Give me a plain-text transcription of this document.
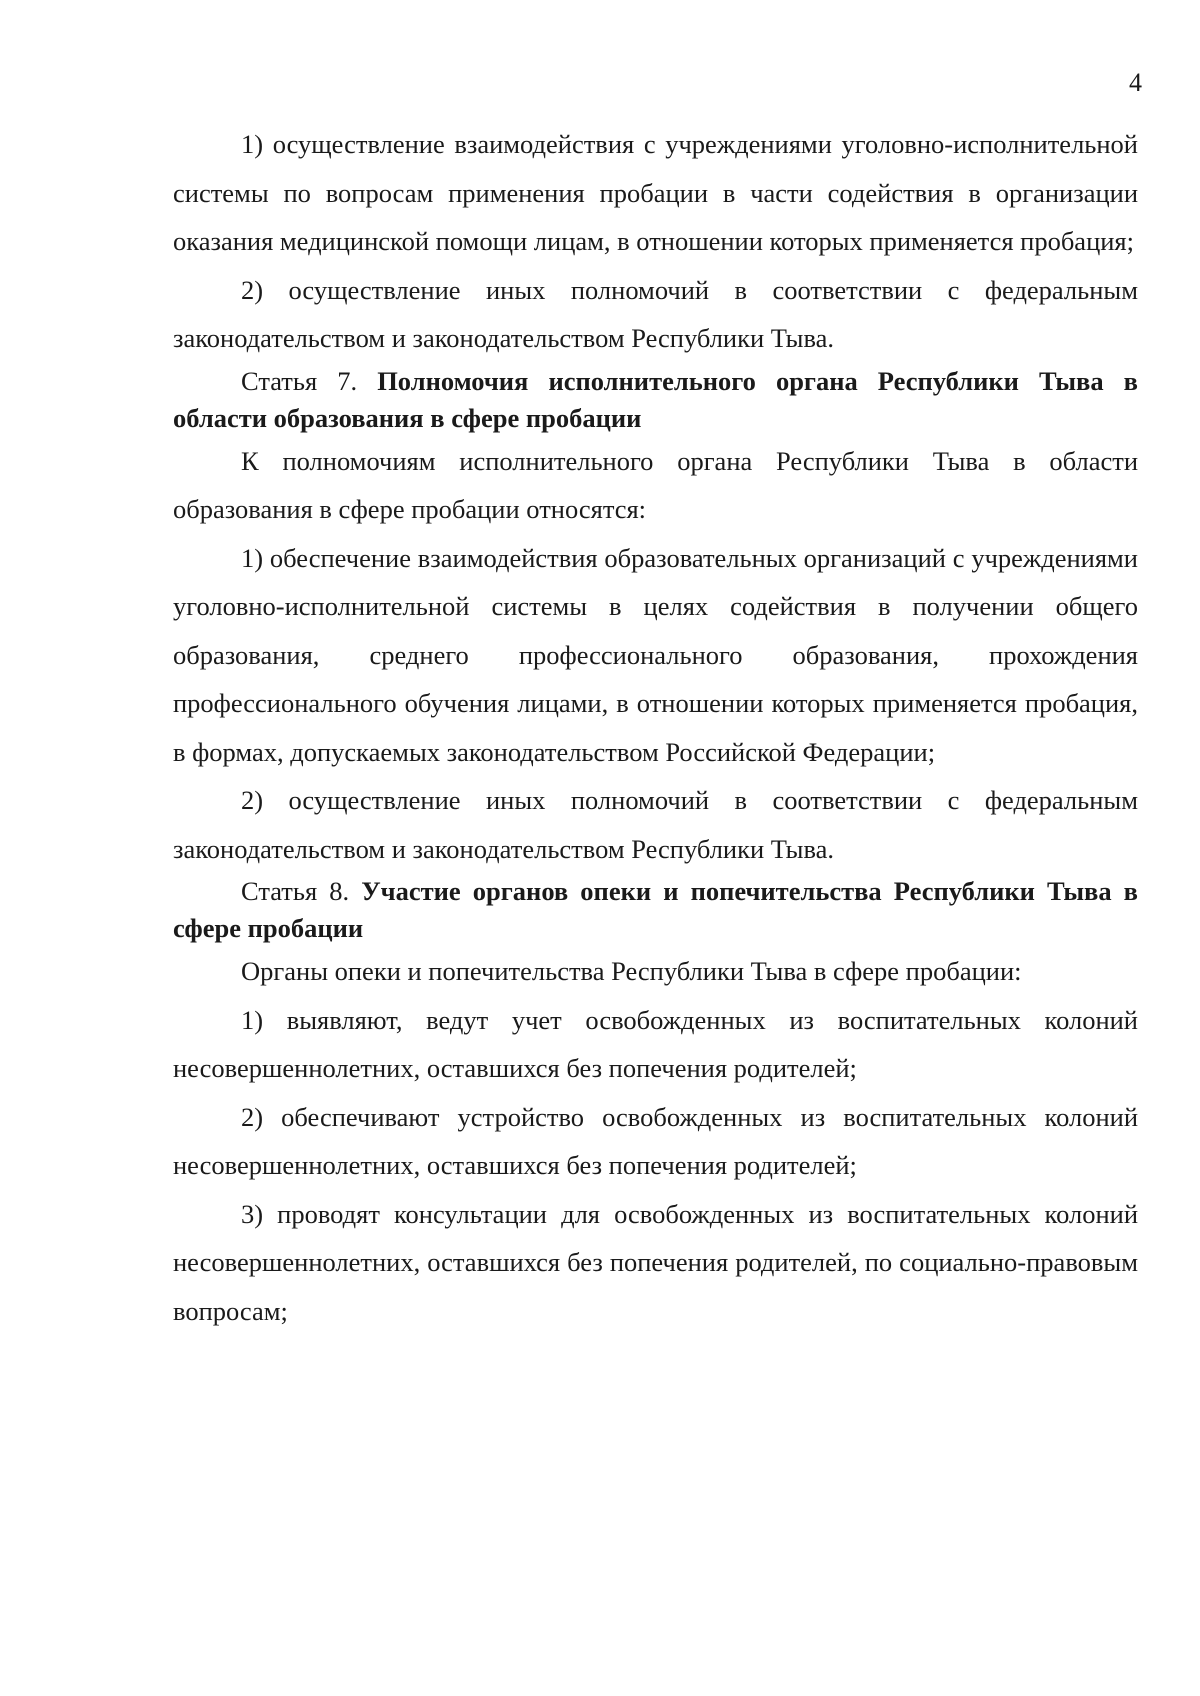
4

1) осуществление взаимодействия с учреждениями уголовно-исполнительной системы по вопросам применения пробации в части содействия в организации оказания медицинской помощи лицам, в отношении которых применяется пробация;

2) осуществление иных полномочий в соответствии с федеральным законодательством и законодательством Республики Тыва.

Статья 7. Полномочия исполнительного органа Республики Тыва в области образования в сфере пробации

К полномочиям исполнительного органа Республики Тыва в области образования в сфере пробации относятся:

1) обеспечение взаимодействия образовательных организаций с учреждениями уголовно-исполнительной системы в целях содействия в получении общего образования, среднего профессионального образования, прохождения профессионального обучения лицами, в отношении которых применяется пробация, в формах, допускаемых законодательством Российской Федерации;

2) осуществление иных полномочий в соответствии с федеральным законодательством и законодательством Республики Тыва.

Статья 8. Участие органов опеки и попечительства Республики Тыва в сфере пробации

Органы опеки и попечительства Республики Тыва в сфере пробации:

1) выявляют, ведут учет освобожденных из воспитательных колоний несовершеннолетних, оставшихся без попечения родителей;

2) обеспечивают устройство освобожденных из воспитательных колоний несовершеннолетних, оставшихся без попечения родителей;

3) проводят консультации для освобожденных из воспитательных колоний несовершеннолетних, оставшихся без попечения родителей, по социально-правовым вопросам;
